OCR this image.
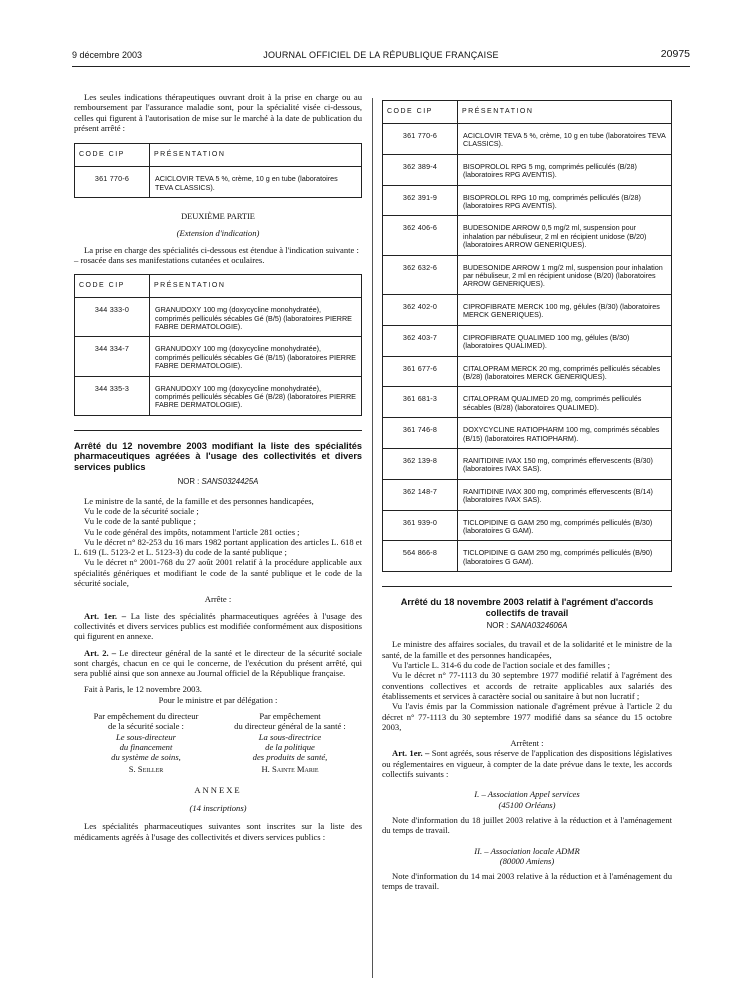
9 décembre 2003	JOURNAL OFFICIEL DE LA RÉPUBLIQUE FRANÇAISE	20975

Les seules indications thérapeutiques ouvrant droit à la prise en charge ou au remboursement par l'assurance maladie sont, pour la spécialité visée ci-dessous, celles qui figurent à l'autorisation de mise sur le marché à la date de publication du présent arrêté :

CODE CIP	PRÉSENTATION
361 770-6	ACICLOVIR TEVA 5 %, crème, 10 g en tube (laboratoires TEVA CLASSICS).

DEUXIÈME PARTIE

(Extension d'indication)

La prise en charge des spécialités ci-dessous est étendue à l'indication suivante :

– rosacée dans ses manifestations cutanées et oculaires.

CODE CIP	PRÉSENTATION
344 333-0	GRANUDOXY 100 mg (doxycycline monohydratée), comprimés pelliculés sécables Gé (B/5) (laboratoires PIERRE FABRE DERMATOLOGIE).
344 334-7	GRANUDOXY 100 mg (doxycycline monohydratée), comprimés pelliculés sécables Gé (B/15) (laboratoires PIERRE FABRE DERMATOLOGIE).
344 335-3	GRANUDOXY 100 mg (doxycycline monohydratée), comprimés pelliculés sécables Gé (B/28) (laboratoires PIERRE FABRE DERMATOLOGIE).

Arrêté du 12 novembre 2003 modifiant la liste des spécialités pharmaceutiques agréées à l'usage des collectivités et divers services publics

NOR : SANS0324425A

Le ministre de la santé, de la famille et des personnes handicapées,

Vu le code de la sécurité sociale ;

Vu le code de la santé publique ;

Vu le code général des impôts, notamment l'article 281 octies ;

Vu le décret n° 82-253 du 16 mars 1982 portant application des articles L. 618 et L. 619 (L. 5123-2 et L. 5123-3) du code de la santé publique ;

Vu le décret n° 2001-768 du 27 août 2001 relatif à la procédure applicable aux spécialités génériques et modifiant le code de la santé publique et le code de la sécurité sociale,

Arrête :

Art. 1er. – La liste des spécialités pharmaceutiques agréées à l'usage des collectivités et divers services publics est modifiée conformément aux dispositions qui figurent en annexe.

Art. 2. – Le directeur général de la santé et le directeur de la sécurité sociale sont chargés, chacun en ce qui le concerne, de l'exécution du présent arrêté, qui sera publié ainsi que son annexe au Journal officiel de la République française.

Fait à Paris, le 12 novembre 2003.

Pour le ministre et par délégation :

Par empêchement du directeur

de la sécurité sociale :

Le sous-directeur

du financement

du système de soins,

S. Seiller

Par empêchement

du directeur général de la santé :

La sous-directrice

de la politique

des produits de santé,

H. Sainte Marie

ANNEXE

(14 inscriptions)

Les spécialités pharmaceutiques suivantes sont inscrites sur la liste des médicaments agréés à l'usage des collectivités et divers services publics :

CODE CIP	PRÉSENTATION
361 770-6	ACICLOVIR TEVA 5 %, crème, 10 g en tube (laboratoires TEVA CLASSICS).
362 389-4	BISOPROLOL RPG 5 mg, comprimés pelliculés (B/28) (laboratoires RPG AVENTIS).
362 391-9	BISOPROLOL RPG 10 mg, comprimés pelliculés (B/28) (laboratoires RPG AVENTIS).
362 406-6	BUDESONIDE ARROW 0,5 mg/2 ml, suspension pour inhalation par nébuliseur, 2 ml en récipient unidose (B/20) (laboratoires ARROW GENERIQUES).
362 632-6	BUDESONIDE ARROW 1 mg/2 ml, suspension pour inhalation par nébuliseur, 2 ml en récipient unidose (B/20) (laboratoires ARROW GENERIQUES).
362 402-0	CIPROFIBRATE MERCK 100 mg, gélules (B/30) (laboratoires MERCK GENERIQUES).
362 403-7	CIPROFIBRATE QUALIMED 100 mg, gélules (B/30) (laboratoires QUALIMED).
361 677-6	CITALOPRAM MERCK 20 mg, comprimés pelliculés sécables (B/28) (laboratoires MERCK GENERIQUES).
361 681-3	CITALOPRAM QUALIMED 20 mg, comprimés pelliculés sécables (B/28) (laboratoires QUALIMED).
361 746-8	DOXYCYCLINE RATIOPHARM 100 mg, comprimés sécables (B/15) (laboratoires RATIOPHARM).
362 139-8	RANITIDINE IVAX 150 mg, comprimés effervescents (B/30) (laboratoires IVAX SAS).
362 148-7	RANITIDINE IVAX 300 mg, comprimés effervescents (B/14) (laboratoires IVAX SAS).
361 939-0	TICLOPIDINE G GAM 250 mg, comprimés pelliculés (B/30) (laboratoires G GAM).
564 866-8	TICLOPIDINE G GAM 250 mg, comprimés pelliculés (B/90) (laboratoires G GAM).

Arrêté du 18 novembre 2003 relatif à l'agrément d'accords collectifs de travail

NOR : SANA0324606A

Le ministre des affaires sociales, du travail et de la solidarité et le ministre de la santé, de la famille et des personnes handicapées,

Vu l'article L. 314-6 du code de l'action sociale et des familles ;

Vu le décret n° 77-1113 du 30 septembre 1977 modifié relatif à l'agrément des conventions collectives et accords de retraite applicables aux salariés des établissements et services à caractère social ou sanitaire à but non lucratif ;

Vu l'avis émis par la Commission nationale d'agrément prévue à l'article 2 du décret n° 77-1113 du 30 septembre 1977 modifié dans sa séance du 15 octobre 2003,

Arrêtent :

Art. 1er. – Sont agréés, sous réserve de l'application des dispositions législatives ou réglementaires en vigueur, à compter de la date prévue dans le texte, les accords collectifs suivants :

I. – Association Appel services

(45100 Orléans)

Note d'information du 18 juillet 2003 relative à la réduction et à l'aménagement du temps de travail.

II. – Association locale ADMR

(80000 Amiens)

Note d'information du 14 mai 2003 relative à la réduction et à l'aménagement du temps de travail.
